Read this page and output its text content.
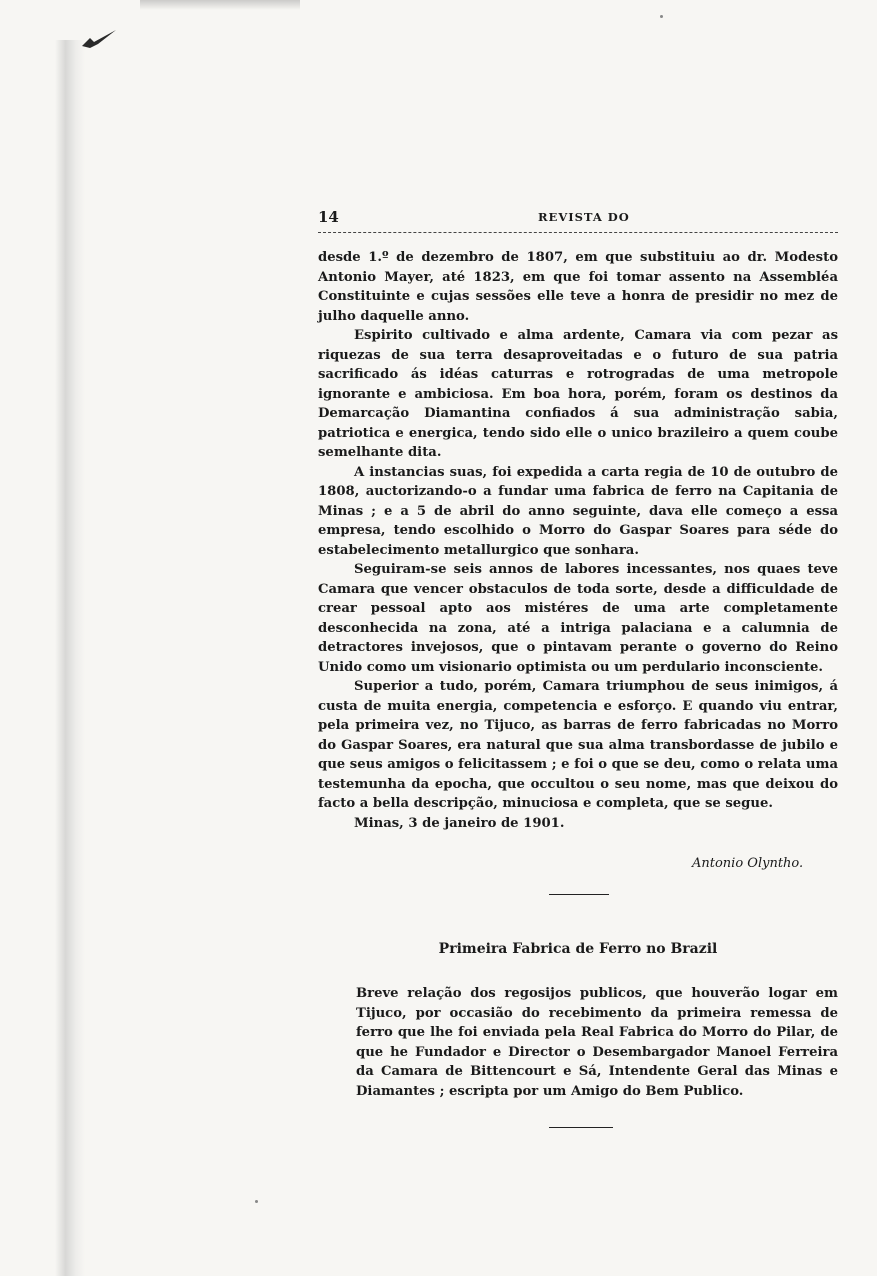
14	REVISTA DO

desde 1.º de dezembro de 1807, em que substituiu ao dr. Modesto Antonio Mayer, até 1823, em que foi tomar assento na Assembléa Constituinte e cujas sessões elle teve a honra de presidir no mez de julho daquelle anno.

Espirito cultivado e alma ardente, Camara via com pezar as riquezas de sua terra desaproveitadas e o futuro de sua patria sacrificado ás idéas caturras e rotrogradas de uma metropole ignorante e ambiciosa. Em boa hora, porém, foram os destinos da Demarcação Diamantina confiados á sua administração sabia, patriotica e energica, tendo sido elle o unico brazileiro a quem coube semelhante dita.

A instancias suas, foi expedida a carta regia de 10 de outubro de 1808, auctorizando-o a fundar uma fabrica de ferro na Capitania de Minas ; e a 5 de abril do anno seguinte, dava elle começo a essa empresa, tendo escolhido o Morro do Gaspar Soares para séde do estabelecimento metallurgico que sonhara.

Seguiram-se seis annos de labores incessantes, nos quaes teve Camara que vencer obstaculos de toda sorte, desde a difficuldade de crear pessoal apto aos mistéres de uma arte completamente desconhecida na zona, até a intriga palaciana e a calumnia de detractores invejosos, que o pintavam perante o governo do Reino Unido como um visionario optimista ou um perdulario inconsciente.

Superior a tudo, porém, Camara triumphou de seus inimigos, á custa de muita energia, competencia e esforço. E quando viu entrar, pela primeira vez, no Tijuco, as barras de ferro fabricadas no Morro do Gaspar Soares, era natural que sua alma transbordasse de jubilo e que seus amigos o felicitassem ; e foi o que se deu, como o relata uma testemunha da epocha, que occultou o seu nome, mas que deixou do facto a bella descripção, minuciosa e completa, que se segue.

Minas, 3 de janeiro de 1901.

Antonio Olyntho.
Primeira Fabrica de Ferro no Brazil

Breve relação dos regosijos publicos, que houverão logar em Tijuco, por occasião do recebimento da primeira remessa de ferro que lhe foi enviada pela Real Fabrica do Morro do Pilar, de que he Fundador e Director o Desembargador Manoel Ferreira da Camara de Bittencourt e Sá, Intendente Geral das Minas e Diamantes ; escripta por um Amigo do Bem Publico.
